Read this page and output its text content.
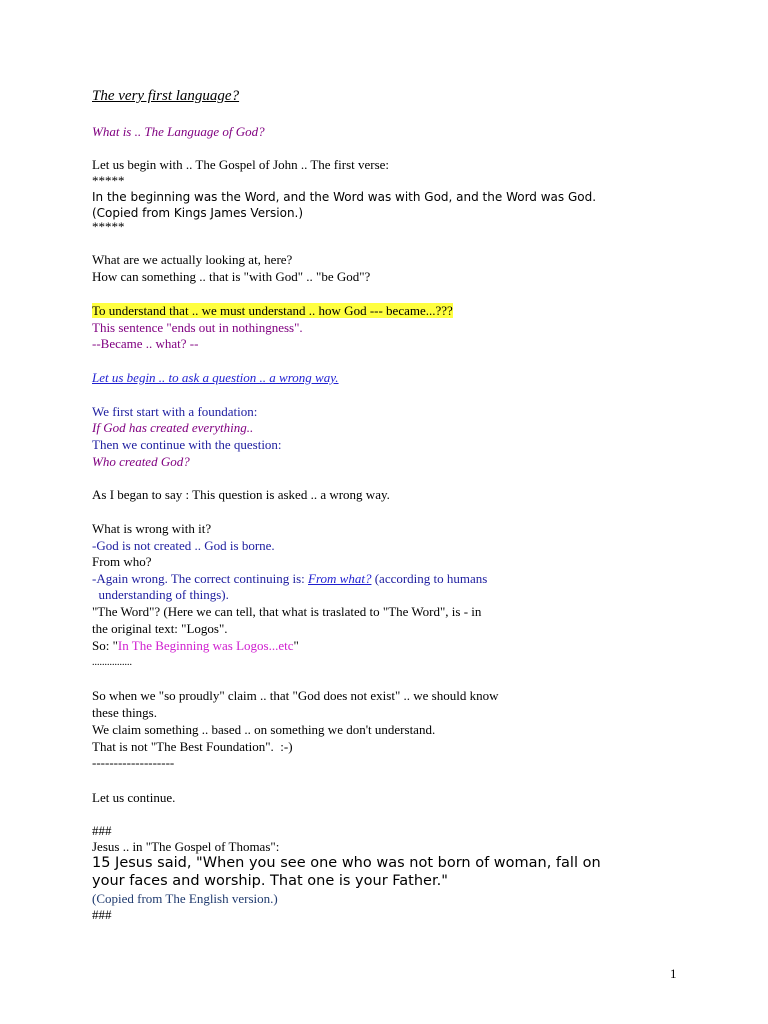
The very first language?
What is .. The Language of God?
Let us begin with .. The Gospel of John .. The first verse:
*****
In the beginning was the Word, and the Word was with God, and the Word was God.
(Copied from Kings James Version.)
*****
What are we actually looking at, here?
How can something .. that is "with God" .. "be God"?
To understand that .. we must understand .. how God --- became...???
This sentence "ends out in nothingness".
--Became .. what? --
Let us begin .. to ask a question .. a wrong way.
We first start with a foundation:
If God has created everything..
Then we continue with the question:
Who created God?
As I began to say : This question is asked .. a wrong way.
What is wrong with it?
-God is not created .. God is borne.
From who?
-Again wrong. The correct continuing is: From what? (according to humans
understanding of things).
"The Word"? (Here we can tell, that what is traslated to "The Word", is - in
the original text: "Logos".
So: "In The Beginning was Logos...etc"
................
So when we "so proudly" claim .. that "God does not exist" .. we should know
these things.
We claim something .. based .. on something we don't understand.
That is not "The Best Foundation".  :-)
-------------------
Let us continue.
###
Jesus .. in "The Gospel of Thomas":
15 Jesus said, "When you see one who was not born of woman, fall on
your faces and worship. That one is your Father."
(Copied from The English version.)
###
1
